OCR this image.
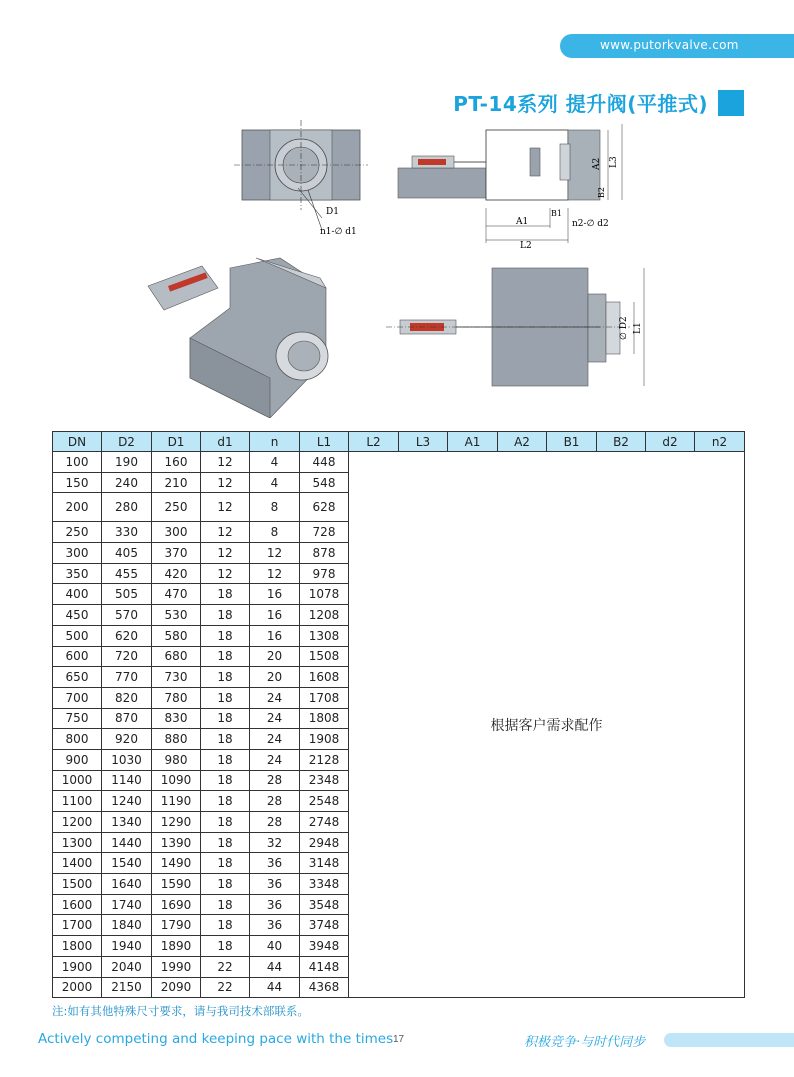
www.putorkvalve.com
PT-14系列 提升阀(平推式)
D1
n1-∅ d1
A1
L2
B1
n2-∅ d2
A2 L3
B2
∅ D2 L1
DN	D2	D1	d1	n	L1	L2	L3	A1	A2	B1	B2	d2	n2
100	190	160	12	4	448	根据客户需求配作							
150	240	210	12	4	548								
200	280	250	12	8	628								
250	330	300	12	8	728								
300	405	370	12	12	878								
350	455	420	12	12	978								
400	505	470	18	16	1078								
450	570	530	18	16	1208								
500	620	580	18	16	1308								
600	720	680	18	20	1508								
650	770	730	18	20	1608								
700	820	780	18	24	1708								
750	870	830	18	24	1808								
800	920	880	18	24	1908								
900	1030	980	18	24	2128								
1000	1140	1090	18	28	2348								
1100	1240	1190	18	28	2548								
1200	1340	1290	18	28	2748								
1300	1440	1390	18	32	2948								
1400	1540	1490	18	36	3148								
1500	1640	1590	18	36	3348								
1600	1740	1690	18	36	3548								
1700	1840	1790	18	36	3748								
1800	1940	1890	18	40	3948								
1900	2040	1990	22	44	4148								
2000	2150	2090	22	44	4368								
注:如有其他特殊尺寸要求，请与我司技术部联系。
Actively competing and keeping pace with the times 17	积极竞争·与时代同步
